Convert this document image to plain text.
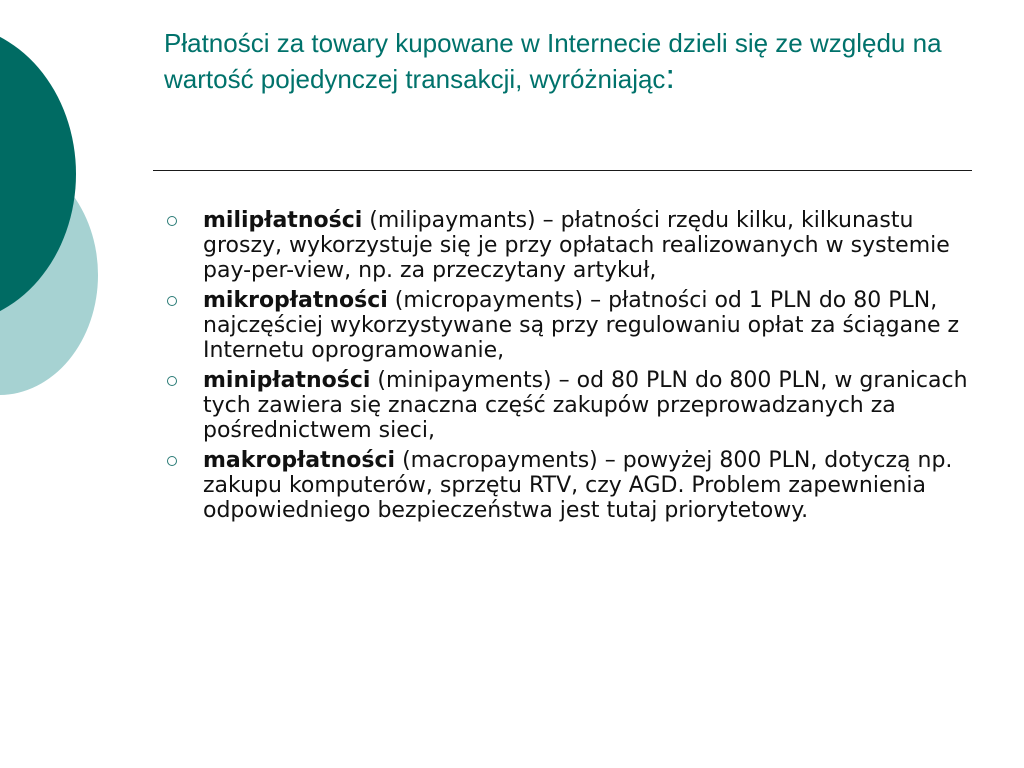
Płatności za towary kupowane w Internecie dzieli się ze względu na wartość pojedynczej transakcji, wyróżniając:
milipłatności (milipaymants) – płatności rzędu kilku, kilkunastu groszy, wykorzystuje się je przy opłatach realizowanych w systemie pay-per-view, np. za przeczytany artykuł,
mikropłatności (micropayments) – płatności od 1 PLN do 80 PLN, najczęściej wykorzystywane są przy regulowaniu opłat za ściągane z Internetu oprogramowanie,
minipłatności (minipayments) – od 80 PLN do 800 PLN, w granicach tych zawiera się znaczna część zakupów przeprowadzanych za pośrednictwem sieci,
makropłatności (macropayments) – powyżej 800 PLN, dotyczą np. zakupu komputerów, sprzętu RTV, czy AGD. Problem zapewnienia odpowiedniego bezpieczeństwa jest tutaj priorytetowy.
